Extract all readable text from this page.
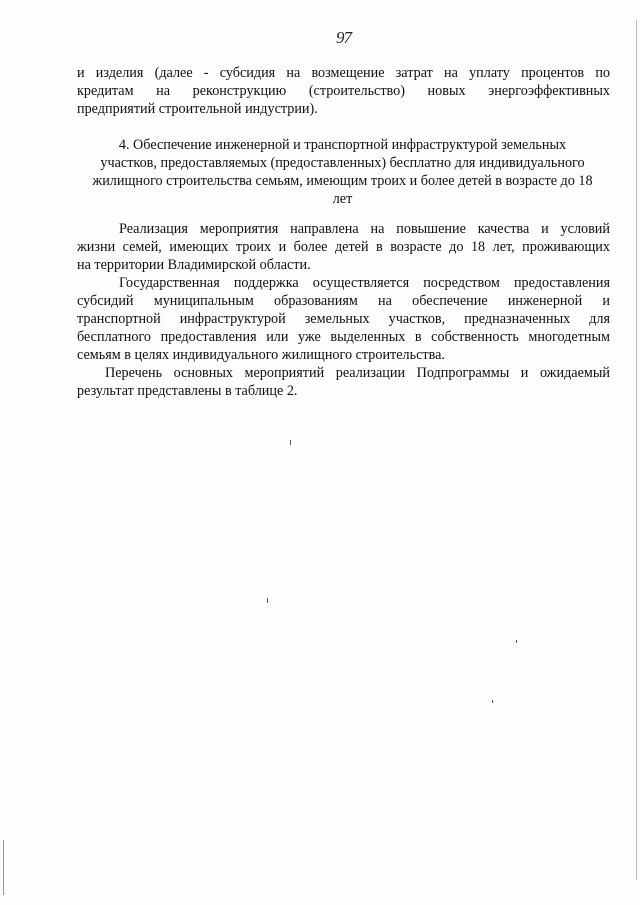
97
и изделия (далее - субсидия на возмещение затрат на уплату процентов по
кредитам на реконструкцию (строительство) новых энергоэффективных
предприятий строительной индустрии).
4. Обеспечение инженерной и транспортной инфраструктурой земельных
участков, предоставляемых (предоставленных) бесплатно для индивидуального
жилищного строительства семьям, имеющим троих и более детей в возрасте до 18
лет
Реализация мероприятия направлена на повышение качества и условий
жизни семей, имеющих троих и более детей в возрасте до 18 лет, проживающих
на территории Владимирской области.
Государственная поддержка осуществляется посредством предоставления
субсидий муниципальным образованиям на обеспечение инженерной и
транспортной инфраструктурой земельных участков, предназначенных для
бесплатного предоставления или уже выделенных в собственность многодетным
семьям в целях индивидуального жилищного строительства.
Перечень основных мероприятий реализации Подпрограммы и ожидаемый
результат представлены в таблице 2.
